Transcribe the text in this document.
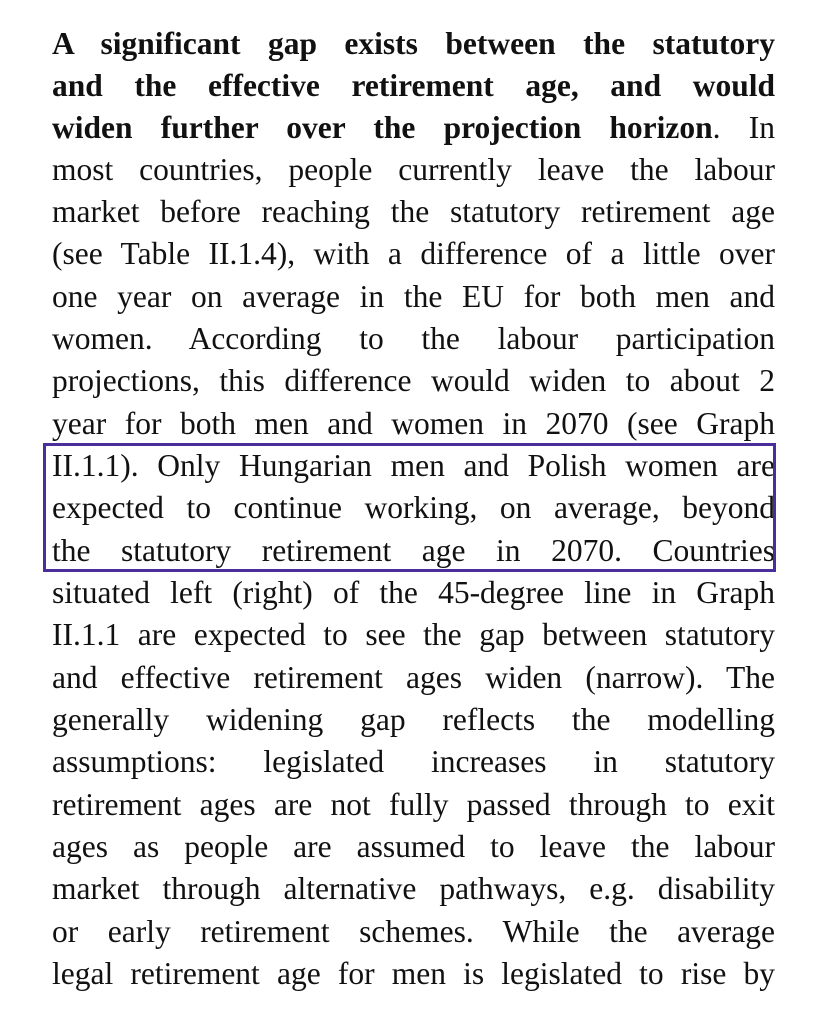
A significant gap exists between the statutory
and the effective retirement age, and would
widen further over the projection horizon. In
most countries, people currently leave the labour
market before reaching the statutory retirement age
(see Table II.1.4), with a difference of a little over
one year on average in the EU for both men and
women. According to the labour participation
projections, this difference would widen to about 2
year for both men and women in 2070 (see Graph
II.1.1). Only Hungarian men and Polish women are
expected to continue working, on average, beyond
the statutory retirement age in 2070. Countries
situated left (right) of the 45-degree line in Graph
II.1.1 are expected to see the gap between statutory
and effective retirement ages widen (narrow). The
generally widening gap reflects the modelling
assumptions: legislated increases in statutory
retirement ages are not fully passed through to exit
ages as people are assumed to leave the labour
market through alternative pathways, e.g. disability
or early retirement schemes. While the average
legal retirement age for men is legislated to rise by
